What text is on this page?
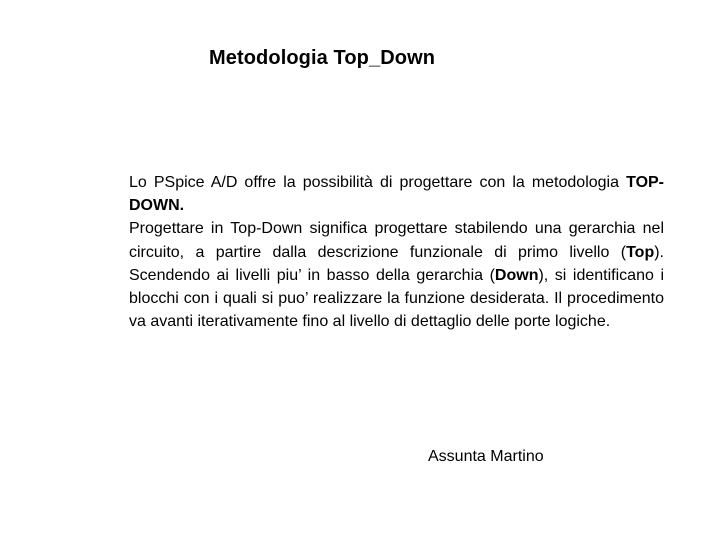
Metodologia Top_Down

Lo PSpice A/D offre la possibilità di progettare con la metodologia TOP-DOWN.

Progettare in Top-Down significa progettare stabilendo una gerarchia nel circuito, a partire dalla descrizione funzionale di primo livello (Top). Scendendo ai livelli piu’ in basso della gerarchia (Down), si identificano i blocchi con i quali si puo’ realizzare la funzione desiderata. Il procedimento va avanti iterativamente fino al livello di dettaglio delle porte logiche.

Assunta Martino
